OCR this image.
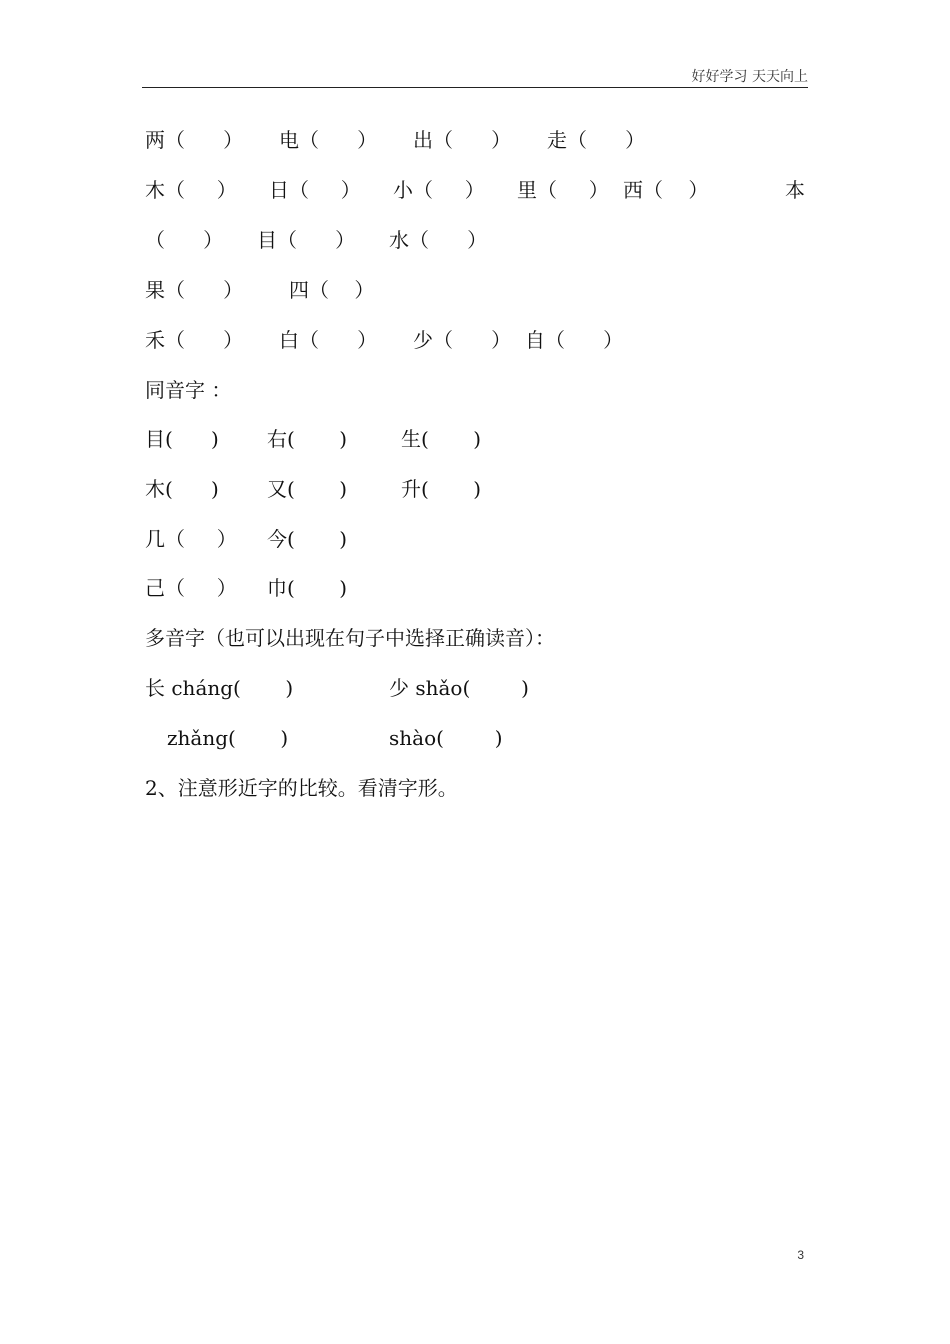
好好学习 天天向上
两（      ） 电（      ） 出（      ） 走（      ）
木（     ） 日（     ） 小（     ） 里（     ） 西（    ）	本
（      ） 目（      ） 水（      ）
果（      ） 四（    ）
禾（      ） 白（      ） 少（      ） 自（      ）
同音字 ：
目(      ) 右(       )	生(       )
木(      ) 又(       )	升(       )
几（     ） 今(       )
己（     ） 巾(       )
多音字（也可以出现在句子中选择正确读音）：
长 cháng(       )	少 shǎo(        )
zhǎng(       )	shào(        )
2、注意形近字的比较。看清字形。
3
